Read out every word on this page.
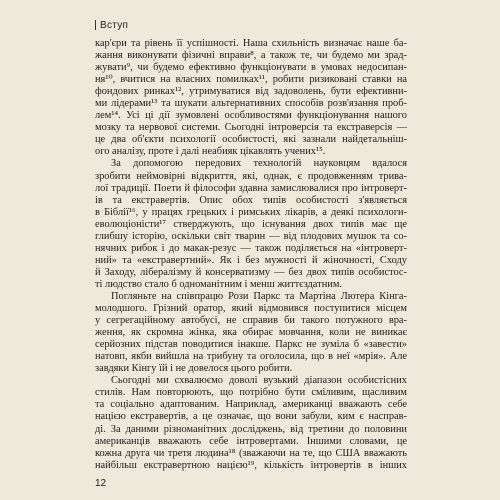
Вступ
кар'єри та рівень її успішності. Наша схильність визначає наше ба-
жання виконувати фізичні вправи⁸, а також те, чи будемо ми зрад-
жувати⁹, чи будемо ефективно функціонувати в умовах недосипан-
ня¹⁰, вчитися на власних помилках¹¹, робити ризиковані ставки на
фондових ринках¹², утримуватися від задоволень, бути ефективни-
ми лідерами¹³ та шукати альтернативних способів розв'язання проб-
лем¹⁴. Усі ці дії зумовлені особливостями функціонування нашого
мозку та нервової системи. Сьогодні інтроверсія та екстраверсія —
це два об'єкти психології особистості, які зазнали найдетальніш-
ого аналізу, проте і далі неабияк цікавлять учених¹⁵.
За допомогою передових технологій науковцям вдалося
зробити неймовірні відкриття, які, однак, є продовженням трива-
лої традиції. Поети й філософи здавна замислювалися про інтроверт-
ів та екстравертів. Опис обох типів особистості з'являється
в Біблії¹⁶, у працях грецьких і римських лікарів, а деякі психологи-
еволюціоністи¹⁷ стверджують, що існування двох типів має ще
глибшу історію, оскільки світ тварин — від плодових мушок та со-
нячних рибок і до макак-резус — також поділяється на «інтроверт-
ний» та «екстравертний». Як і без мужності й жіночності, Сходу
й Заходу, лібералізму й консерватизму — без двох типів особистос-
ті людство стало б одноманітним і менш життєздатним.
Погляньте на співпрацю Рози Паркс та Мартіна Лютера Кінга-
молодшого. Грізний оратор, який відмовився поступитися місцем
у сегрегаційному автобусі, не справив би такого потужного вра-
ження, як скромна жінка, яка обирає мовчання, коли не виникає
серйозних підстав поводитися інакше. Паркс не зуміла б «завести»
натовп, якби вийшла на трибуну та оголосила, що в неї «мрія». Але
завдяки Кінгу їй і не довелося цього робити.
Сьогодні ми схвалюємо доволі вузький діапазон особистісних
стилів. Нам повторюють, що потрібно бути сміливим, щасливим
та соціально адаптованим. Наприклад, американці вважають себе
нацією екстравертів, а це означає, що вони забули, ким є насправ-
ді. За даними різноманітних досліджень, від третини до половини
американців вважають себе інтровертами. Іншими словами, це
кожна друга чи третя людина¹⁸ (зважаючи на те, що США вважають
найбільш екстравертною нацією¹⁹, кількість інтровертів в інших
12
